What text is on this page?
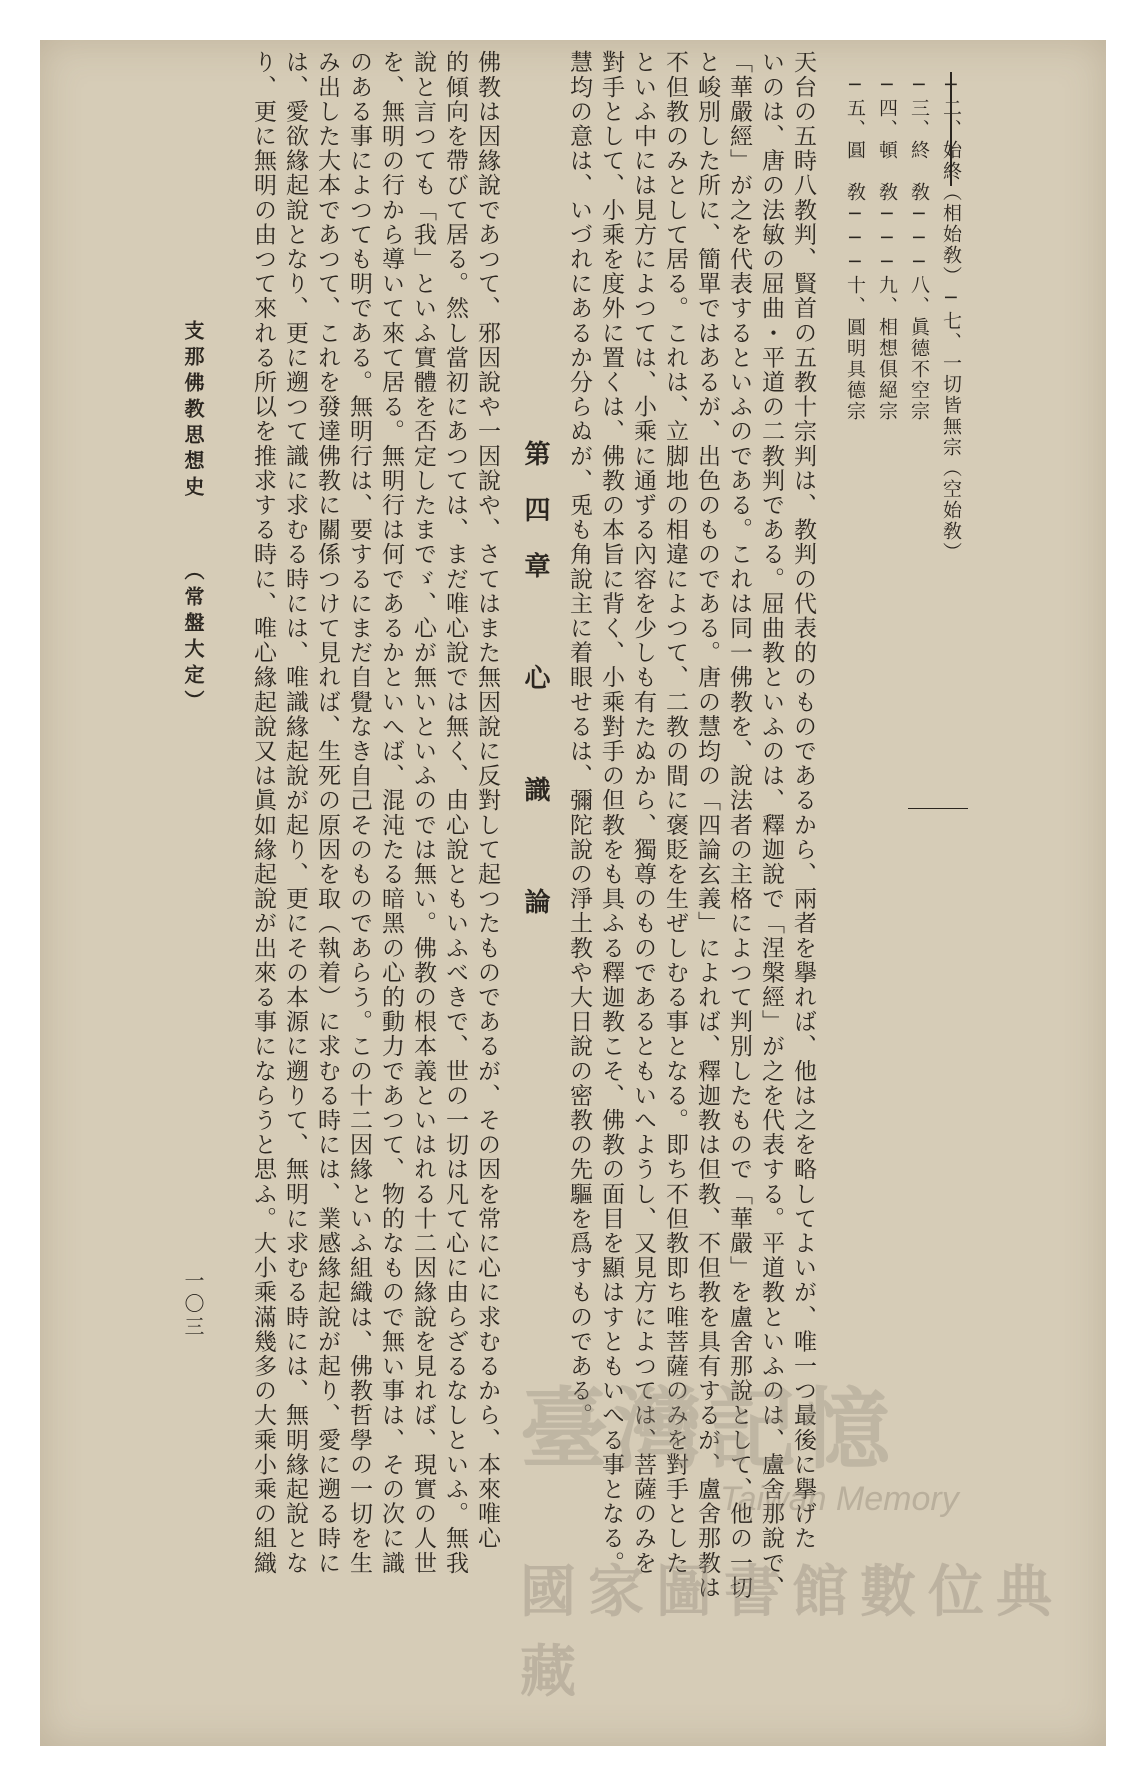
─二、始終（相始敎）─七、一切皆無宗（空始敎）
─三、終　敎───八、眞德不空宗
─四、頓　敎───九、相想俱絕宗
─五、圓　敎───十、圓明具德宗
天台の五時八教判、賢首の五教十宗判は、教判の代表的のものであるから、兩者を擧れば、他は之を略してよいが、唯一つ最後に擧げた
いのは、唐の法敏の屈曲・平道の二教判である。屈曲教といふのは、釋迦說で「涅槃經」が之を代表する。平道教といふのは、盧舍那說で、
「華嚴經」が之を代表するといふのである。これは同一佛教を、說法者の主格によつて判別したもので「華嚴」を盧舍那說として、他の一切
と峻別した所に、簡單ではあるが、出色のものである。唐の慧均の「四論玄義」によれば、釋迦教は但教、不但教を具有するが、盧舍那教は
不但教のみとして居る。これは、立脚地の相違によつて、二教の間に褒貶を生ぜしむる事となる。即ち不但教即ち唯菩薩のみを對手とした
といふ中には見方によつては、小乘に通ずる內容を少しも有たぬから、獨尊のものであるともいへようし、又見方によつては、菩薩のみを
對手として、小乘を度外に置くは、佛教の本旨に背く、小乘對手の但教をも具ふる釋迦教こそ、佛教の面目を顯はすともいへる事となる。
慧均の意は、いづれにあるか分らぬが、兎も角說主に着眼せるは、彌陀說の淨土教や大日說の密教の先驅を爲すものである。
第四章　心　識　論
佛教は因緣說であつて、邪因說や一因說や、さてはまた無因說に反對して起つたものであるが、その因を常に心に求むるから、本來唯心
的傾向を帶びて居る。然し當初にあつては、まだ唯心說では無く、由心說ともいふべきで、世の一切は凡て心に由らざるなしといふ。無我
說と言つても「我」といふ實體を否定したまでゞ、心が無いといふのでは無い。佛教の根本義といはれる十二因緣說を見れば、現實の人世
を、無明の行から導いて來て居る。無明行は何であるかといへば、混沌たる暗黑の心的動力であつて、物的なもので無い事は、その次に識
のある事によつても明である。無明行は、要するにまだ自覺なき自己そのものであらう。この十二因緣といふ組織は、佛教哲學の一切を生
み出した大本であつて、これを發達佛教に關係つけて見れば、生死の原因を取（執着）に求むる時には、業感緣起說が起り、愛に遡る時に
は、愛欲緣起說となり、更に遡つて識に求むる時には、唯識緣起說が起り、更にその本源に遡りて、無明に求むる時には、無明緣起說とな
り、更に無明の由つて來れる所以を推求する時に、唯心緣起說又は眞如緣起說が出來る事にならうと思ふ。大小乘滿幾多の大乘小乘の組織
支那佛教思想史
（常盤大定）
一〇三
臺灣記憶
Taiwan Memory
國家圖書館數位典藏
